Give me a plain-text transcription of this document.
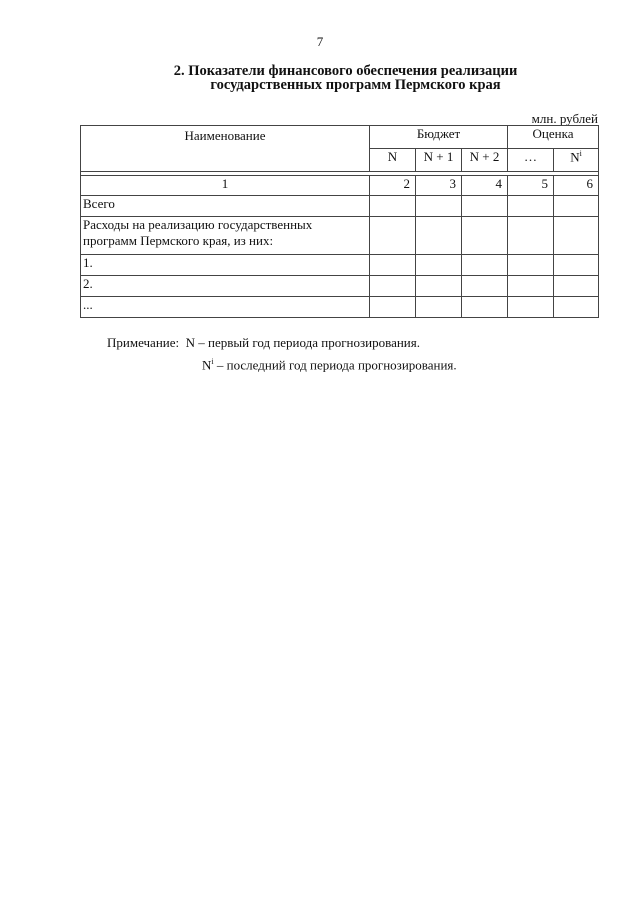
7
2. Показатели финансового обеспечения реализации
государственных программ Пермского края
млн. рублей
Наименование	Бюджет			Оценка	
	N	N + 1	N + 2	…	$N^i$

1	2	3	4	5	6
Всего					
Расходы на реализацию государственных программ Пермского края, из них:					
1.					
2.					
...					
Примечание: N – первый год периода прогнозирования.
$N^i$ – последний год периода прогнозирования.
